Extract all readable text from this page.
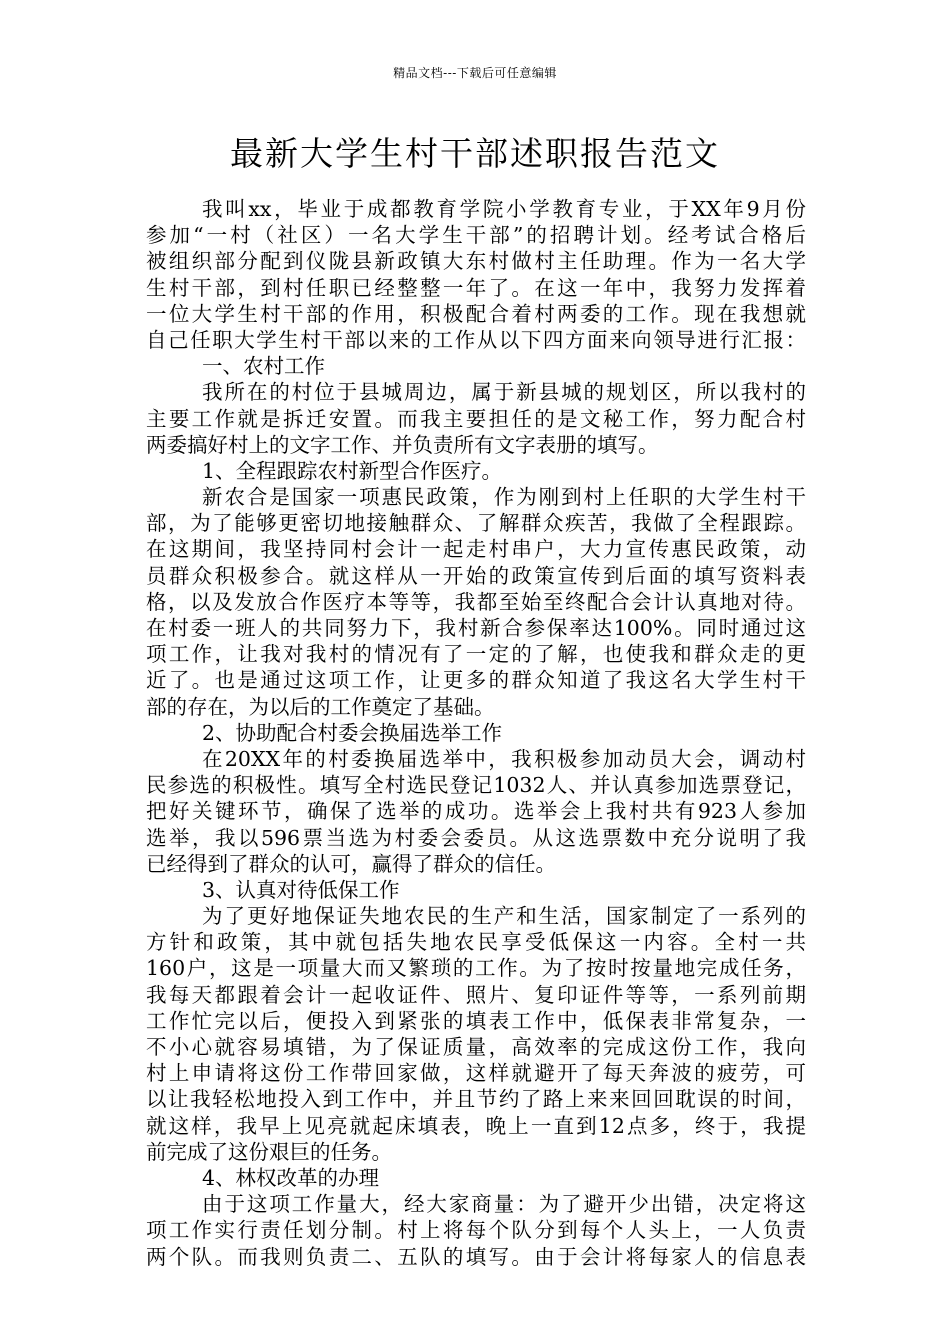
精品文档---下载后可任意编辑
最新大学生村干部述职报告范文
我叫xx，毕业于成都教育学院小学教育专业，于XX年9月份
参加“一村（社区）一名大学生干部”的招聘计划。经考试合格后
被组织部分配到仪陇县新政镇大东村做村主任助理。作为一名大学
生村干部，到村任职已经整整一年了。在这一年中，我努力发挥着
一位大学生村干部的作用，积极配合着村两委的工作。现在我想就
自己任职大学生村干部以来的工作从以下四方面来向领导进行汇报：
一、农村工作
我所在的村位于县城周边，属于新县城的规划区，所以我村的
主要工作就是拆迁安置。而我主要担任的是文秘工作，努力配合村
两委搞好村上的文字工作、并负责所有文字表册的填写。
1、全程跟踪农村新型合作医疗。
新农合是国家一项惠民政策，作为刚到村上任职的大学生村干
部，为了能够更密切地接触群众、了解群众疾苦，我做了全程跟踪。
在这期间，我坚持同村会计一起走村串户，大力宣传惠民政策，动
员群众积极参合。就这样从一开始的政策宣传到后面的填写资料表
格，以及发放合作医疗本等等，我都至始至终配合会计认真地对待。
在村委一班人的共同努力下，我村新合参保率达100%。同时通过这
项工作，让我对我村的情况有了一定的了解，也使我和群众走的更
近了。也是通过这项工作，让更多的群众知道了我这名大学生村干
部的存在，为以后的工作奠定了基础。
2、协助配合村委会换届选举工作
在20XX年的村委换届选举中，我积极参加动员大会，调动村
民参选的积极性。填写全村选民登记1032人、并认真参加选票登记，
把好关键环节，确保了选举的成功。选举会上我村共有923人参加
选举，我以596票当选为村委会委员。从这选票数中充分说明了我
已经得到了群众的认可，赢得了群众的信任。
3、认真对待低保工作
为了更好地保证失地农民的生产和生活，国家制定了一系列的
方针和政策，其中就包括失地农民享受低保这一内容。全村一共
160户，这是一项量大而又繁琐的工作。为了按时按量地完成任务，
我每天都跟着会计一起收证件、照片、复印证件等等，一系列前期
工作忙完以后，便投入到紧张的填表工作中，低保表非常复杂，一
不小心就容易填错，为了保证质量，高效率的完成这份工作，我向
村上申请将这份工作带回家做，这样就避开了每天奔波的疲劳，可
以让我轻松地投入到工作中，并且节约了路上来来回回耽误的时间，
就这样，我早上见亮就起床填表，晚上一直到12点多，终于，我提
前完成了这份艰巨的任务。
4、林权改革的办理
由于这项工作量大，经大家商量：为了避开少出错，决定将这
项工作实行责任划分制。村上将每个队分到每个人头上，一人负责
两个队。而我则负责二、五队的填写。由于会计将每家人的信息表
